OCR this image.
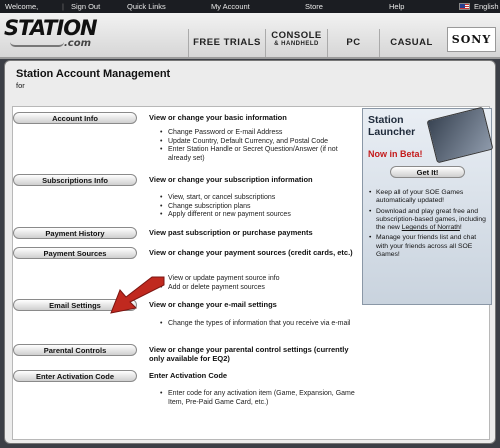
Welcome,	| Sign Out	Quick Links	My Account	Store	Help	English
STATION
.com	FREE TRIALS
CONSOLE
& HANDHELD	PC	CASUAL	SONY
Station Account Management
for
Account Info	View or change your basic information
• Change Password or E-mail Address
• Update Country, Default Currency, and Postal Code
• Enter Station Handle or Secret Question/Answer (if not already set)
Subscriptions Info	View or change your subscription information
• View, start, or cancel subscriptions
• Change subscription plans
• Apply different or new payment sources
Payment History	View past subscription or purchase payments
Payment Sources	View or change your payment sources (credit cards, etc.)
• View or update payment source info
• Add or delete payment sources
Email Settings	View or change your e-mail settings
• Change the types of information that you receive via e-mail
Parental Controls	View or change your parental control settings (currently only available for EQ2)
Enter Activation Code	Enter Activation Code
• Enter code for any activation item (Game, Expansion, Game Item, Pre-Paid Game Card, etc.)
Station
Launcher
Now in Beta!
Get It!
• Keep all of your SOE Games automatically updated!
• Download and play great free and subscription-based games, including the new Legends of Norrath!
• Manage your friends list and chat with your friends across all SOE Games!
